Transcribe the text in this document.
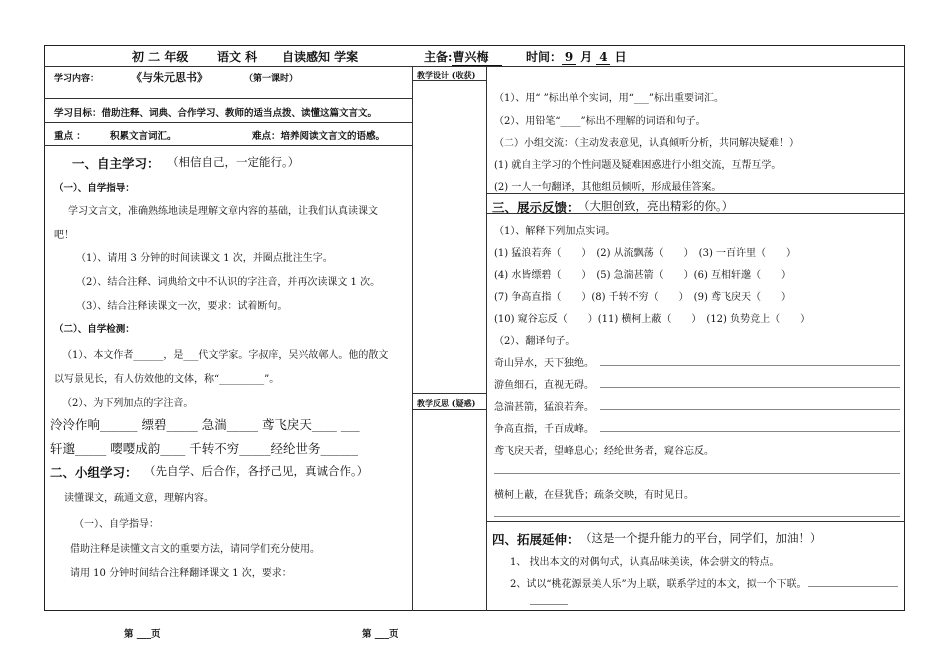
初 二 年级 语文 科 自读感知 学案	主备:曹兴梅	时间： 9 月 4 日
学习内容：	《与朱元思书》	（第一课时）
学习目标：借助注释、词典、合作学习、教师的适当点拨、读懂这篇文言文。
重点 ：	积累文言词汇。	难点：培养阅读文言文的语感。
教学设计 (收获)
教学反思 (疑惑)
一、自主学习： （相信自己，一定能行。）
（一）、自学指导：
学习文言文，准确熟练地读是理解文章内容的基础，让我们认真读课文
吧！
（1）、请用 3 分钟的时间读课文 1 次，并圈点批注生字。
（2）、结合注释、词典给文中不认识的字注音，并再次读课文 1 次。
（3）、结合注释读课文一次，要求：试着断句。
（二）、自学检测：
（1）、本文作者______，是___代文学家。字叔庠，吴兴故鄣人。他的散文
以写景见长，有人仿效他的文体，称“_________”。
（2）、为下列加点的字注音。
泠泠作响______ 缥碧_____ 急湍_____ 鸢飞戾天____ ___
轩邈_____ 嘤嘤成韵____ 千转不穷_____经纶世务______
二、小组学习： （先自学、后合作，各抒己见，真诚合作。）
读懂课文，疏通文意，理解内容。
（一）、自学指导：
借助注释是读懂文言文的重要方法，请同学们充分使用。
请用 10 分钟时间结合注释翻译课文 1 次，要求：
（1）、用“ ”标出单个实词，用“___”标出重要词汇。
（2）、用铅笔“____”标出不理解的词语和句子。
（二）小组交流：（主动发表意见，认真倾听分析，共同解决疑难！）
(1) 就自主学习的个性问题及疑难困惑进行小组交流，互帮互学。
(2) 一人一句翻译，其他组员倾听，形成最佳答案。
三、展示反馈：
（大胆创致，亮出精彩的你。）
（1）、解释下列加点实词。
(1) 猛浪若奔（　　）　(2) 从流飘荡（　　）　(3) 一百许里（　　）
(4) 水皆缥碧（　　）　(5) 急湍甚箭（　　）(6) 互相轩邈（　　）
(7) 争高直指（　　）(8) 千转不穷（　　）　(9) 鸢飞戾天（　　）
(10) 窥谷忘反（　　）(11) 横柯上蔽（　　）　(12) 负势竞上（　　）
（2）、翻译句子。
奇山异水，天下独绝。
游鱼细石，直视无碍。
急湍甚箭，猛浪若奔。
争高直指，千百成峰。
鸢飞戾天者，望峰息心；经纶世务者，窥谷忘反。
横柯上蔽，在昼犹昏；疏条交映，有时见日。
四、拓展延伸： （这是一个提升能力的平台，同学们，加油！）
1、 找出本文的对偶句式，认真品味美读，体会骈文的特点。
2、试以“桃花源景美人乐”为上联，联系学过的本文，拟一个下联。
第 ___页	第 ___页
